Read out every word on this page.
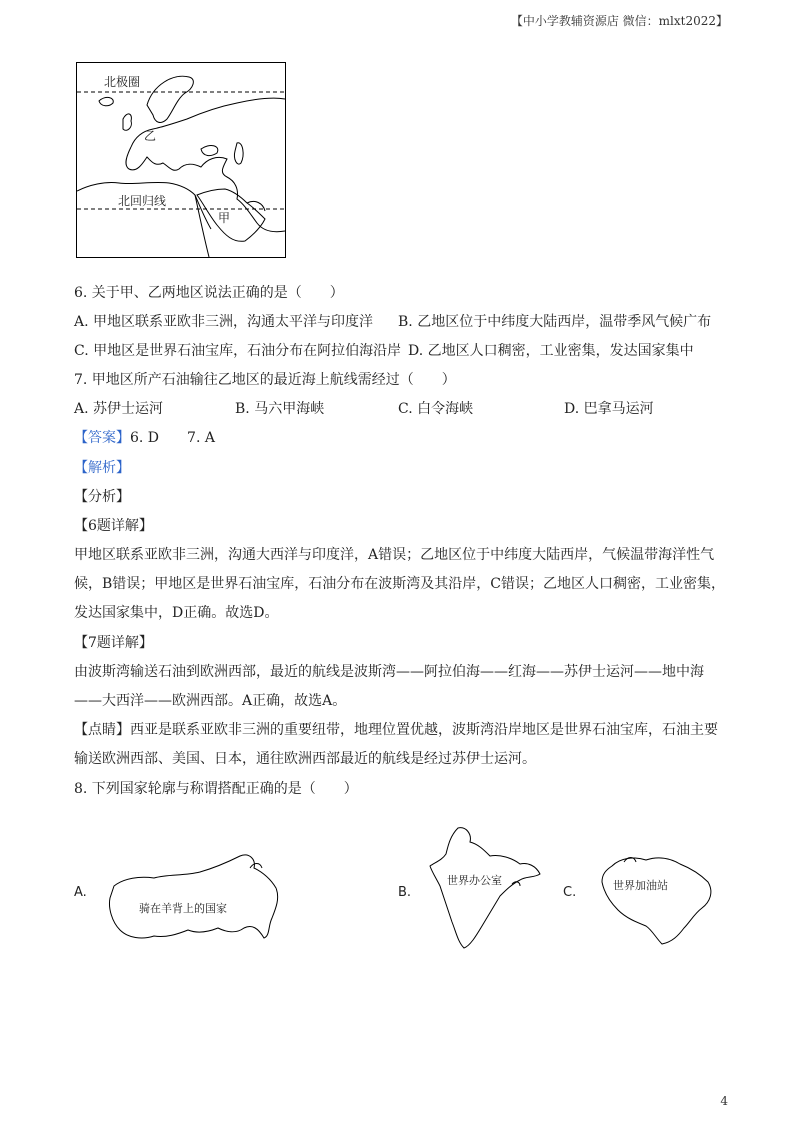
【中小学教辅资源店 微信：mlxt2022】
北极圈
北回归线
甲
乙
6. 关于甲、乙两地区说法正确的是（　　）
A. 甲地区联系亚欧非三洲，沟通太平洋与印度洋 B. 乙地区位于中纬度大陆西岸，温带季风气候广布
C. 甲地区是世界石油宝库，石油分布在阿拉伯海沿岸 D. 乙地区人口稠密，工业密集，发达国家集中
7. 甲地区所产石油输往乙地区的最近海上航线需经过（　　）
A. 苏伊士运河	B. 马六甲海峡	C. 白令海峡	D. 巴拿马运河
【答案】6. D　　7. A
【解析】
【分析】
【6题详解】
甲地区联系亚欧非三洲，沟通大西洋与印度洋，A错误；乙地区位于中纬度大陆西岸，气候温带海洋性气
候，B错误；甲地区是世界石油宝库，石油分布在波斯湾及其沿岸，C错误；乙地区人口稠密，工业密集，
发达国家集中，D正确。故选D。
【7题详解】
由波斯湾输送石油到欧洲西部，最近的航线是波斯湾——阿拉伯海——红海——苏伊士运河——地中海
——大西洋——欧洲西部。A正确，故选A。
【点睛】西亚是联系亚欧非三洲的重要纽带，地理位置优越，波斯湾沿岸地区是世界石油宝库，石油主要
输送欧洲西部、美国、日本，通往欧洲西部最近的航线是经过苏伊士运河。
8. 下列国家轮廓与称谓搭配正确的是（　　）
A.
骑在羊背上的国家
B.
世界办公室
C.	世界加油站
4
